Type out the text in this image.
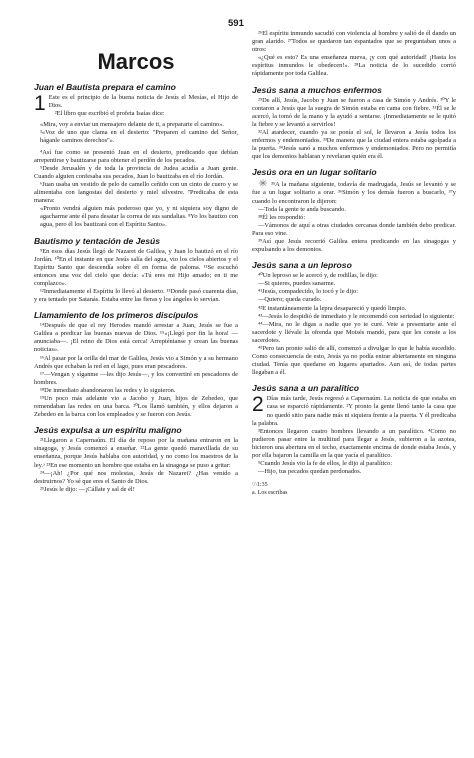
591
Marcos
Juan el Bautista prepara el camino

1 Este es el principio de la buena noticia de Jesús el Mesías, el Hijo de Dios.

²El libro que escribió el profeta Isaías dice:

«Mira, voy a enviar un mensajero delante de ti, a prepararte el camino».

³«Voz de uno que clama en el desierto: "Preparen el camino del Señor, háganle caminos derechos"».

⁴Así fue como se presentó Juan en el desierto, predicando que debían arrepentirse y bautizarse para obtener el perdón de los pecados.

⁵Desde Jerusalén y de toda la provincia de Judea acudía a Juan gente. Cuando alguien confesaba sus pecados, Juan lo bautizaba en el río Jordán.

⁶Juan usaba un vestido de pelo de camello ceñido con un cinto de cuero y se alimentaba con langostas del desierto y miel silvestre. ⁷Predicaba de esta manera:

«Pronto vendrá alguien más poderoso que yo, y ni siquiera soy digno de agacharme ante él para desatar la correa de sus sandalias. ⁸Yo los bautizo con agua, pero él los bautizará con el Espíritu Santo».

Bautismo y tentación de Jesús

⁹En esos días Jesús llegó de Nazaret de Galilea, y Juan lo bautizó en el río Jordán. ¹⁰En el instante en que Jesús salía del agua, vio los cielos abiertos y el Espíritu Santo que descendía sobre él en forma de paloma. ¹¹Se escuchó entonces una voz del cielo que decía: «Tú eres mi Hijo amado; en ti me complazco».

¹²Inmediatamente el Espíritu lo llevó al desierto. ¹³Donde pasó cuarenta días, y era tentado por Satanás. Estaba entre las fieras y los ángeles lo servían.

Llamamiento de los primeros discípulos

¹⁴Después de que el rey Herodes mandó arrestar a Juan, Jesús se fue a Galilea a predicar las buenas nuevas de Dios. ¹⁵«¡Llegó por fin la hora! —anunciaba—. ¡El reino de Dios está cerca! Arrepiéntanse y crean las buenas noticias».

¹⁶Al pasar por la orilla del mar de Galilea, Jesús vio a Simón y a su hermano Andrés que echaban la red en el lago, pues eran pescadores.

¹⁷—Vengan y síganme —les dijo Jesús—, y los convertiré en pescadores de hombres.

¹⁸De inmediato abandonaron las redes y lo siguieron.

¹⁹Un poco más adelante vio a Jacobo y Juan, hijos de Zebedeo, que remendaban las redes en una barca. ²⁰Los llamó también, y ellos dejaron a Zebedeo en la barca con los empleados y se fueron con Jesús.

Jesús expulsa a un espíritu maligno

²¹Llegaron a Capernaúm. El día de reposo por la mañana entraron en la sinagoga, y Jesús comenzó a enseñar. ²²La gente quedó maravillada de su enseñanza, porque Jesús hablaba con autoridad, y no como los maestros de la ley.ᵃ ²³En ese momento un hombre que estaba en la sinagoga se puso a gritar:

²⁴—¡Ah! ¿Por qué nos molestas, Jesús de Nazaret? ¿Has venido a destruirnos? Yo sé que eres el Santo de Dios.

²⁵Jesús le dijo: —¡Cállate y sal de él!

²⁶El espíritu inmundo sacudió con violencia al hombre y salió de él dando un gran alarido. ²⁷Todos se quedaron tan espantados que se preguntaban unos a otros:

«¿Qué es esto? Es una enseñanza nueva, ¡y con qué autoridad! ¡Hasta los espíritus inmundos le obedecen!». ²⁸La noticia de lo sucedido corrió rápidamente por toda Galilea.

Jesús sana a muchos enfermos

²⁹De allí, Jesús, Jacobo y Juan se fueron a casa de Simón y Andrés. ³⁰Y le contaron a Jesús que la suegra de Simón estaba en cama con fiebre. ³¹Él se le acercó, la tomó de la mano y la ayudó a sentarse. ¡Inmediatamente se le quitó la fiebre y se levantó a servirlos!

³²Al atardecer, cuando ya se ponía el sol, le llevaron a Jesús todos los enfermos y endemoniados. ³³De manera que la ciudad entera estaba agolpada a la puerta. ³⁴Jesús sanó a muchos enfermos y endemoniados. Pero no permitía que los demonios hablaran y revelaran quién era él.

Jesús ora en un lugar solitario

³⁵A la mañana siguiente, todavía de madrugada, Jesús se levantó y se fue a un lugar solitario a orar. ³⁶Simón y los demás fueron a buscarlo, ³⁷y cuando lo encontraron le dijeron:

—Toda la gente te anda buscando.

³⁸Él les respondió:

—Vámonos de aquí a otras ciudades cercanas donde también debo predicar. Para eso vine.

³⁹Así que Jesús recorrió Galilea entera predicando en las sinagogas y expulsando a los demonios.

Jesús sana a un leproso

⁴⁰Un leproso se le acercó y, de rodillas, le dijo:

—Si quieres, puedes sanarme.

⁴¹Jesús, compadecido, lo tocó y le dijo:

—Quiero; queda curado.

⁴²E instantáneamente la lepra desapareció y quedó limpio.

⁴³—Jesús lo despidió de inmediato y le recomendó con seriedad lo siguiente:

⁴⁴—Mira, no le digas a nadie que yo te curé. Vete a presentarte ante el sacerdote y llévale la ofrenda que Moisés mandó, para que les conste a los sacerdotes.

⁴⁵Pero tan pronto salió de allí, comenzó a divulgar lo que le había sucedido. Como consecuencia de esto, Jesús ya no podía entrar abiertamente en ninguna ciudad. Tenía que quedarse en lugares apartados. Aun así, de todas partes llegaban a él.

Jesús sana a un paralítico

2 Días más tarde, Jesús regresó a Capernaúm. La noticia de que estaba en casa se esparció rápidamente. ²Y pronto la gente llenó tanto la casa que no quedó sitio para nadie más ni siquiera frente a la puerta. Y él predicaba la palabra.

³Entonces llegaron cuatro hombres llevando a un paralítico. ⁴Como no pudieron pasar entre la multitud para llegar a Jesús, subieron a la azotea, hicieron una abertura en el techo, exactamente encima de donde estaba Jesús, y por ella bajaron la camilla en la que yacía el paralítico.

⁵Cuando Jesús vio la fe de ellos, le dijo al paralítico:

—Hijo, tus pecados quedan perdonados.

\\\1:35
a. Los escribas
